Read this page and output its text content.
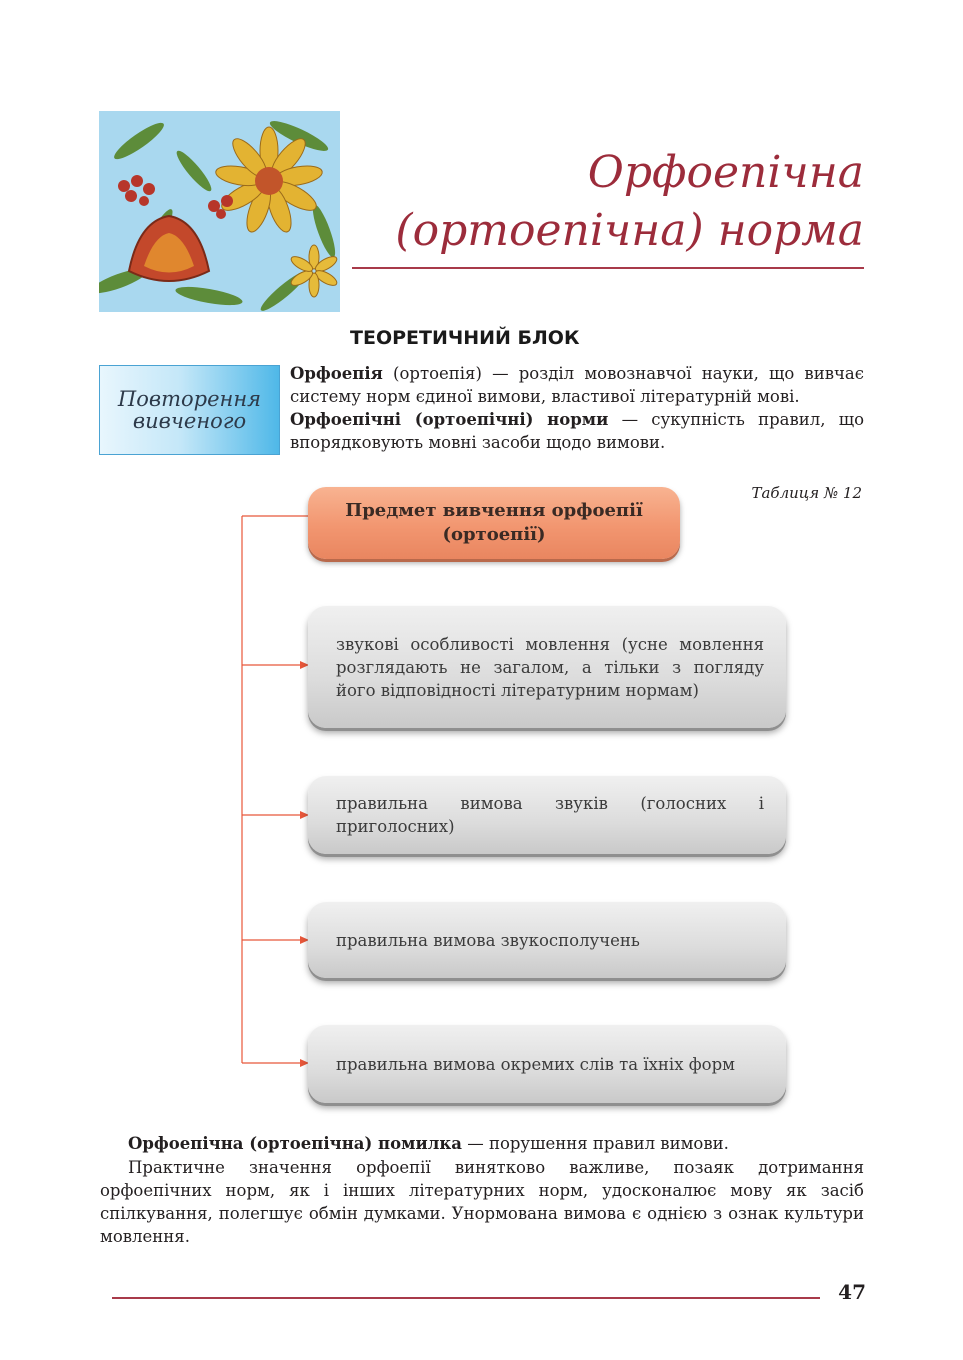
Орфоепічна
(ортоепічна) норма
ТЕОРЕТИЧНИЙ БЛОК
Повторення
вивченого

Орфоепія (ортоепія) — розділ мовознавчої науки, що вивчає систему норм єдиної вимови, властивої літературній мові.

Орфоепічні (ортоепічні) норми — сукупність правил, що впорядковують мовні засоби щодо вимови.

Таблиця № 12
Предмет вивчення орфоепії
(ортоепії)
звукові особливості мовлення (усне мовлення розглядають не загалом, а тільки з погляду його відповідності літературним нормам)
правильна вимова звуків (голосних і приголосних)
правильна вимова звукосполучень
правильна вимова окремих слів та їхніх форм

Орфоепічна (ортоепічна) помилка — порушення правил вимови.

Практичне значення орфоепії винятково важливе, позаяк дотримання орфоепічних норм, як і інших літературних норм, удосконалює мову як засіб спілкування, полегшує обмін думками. Унормована вимова є однією з ознак культури мовлення.

47
